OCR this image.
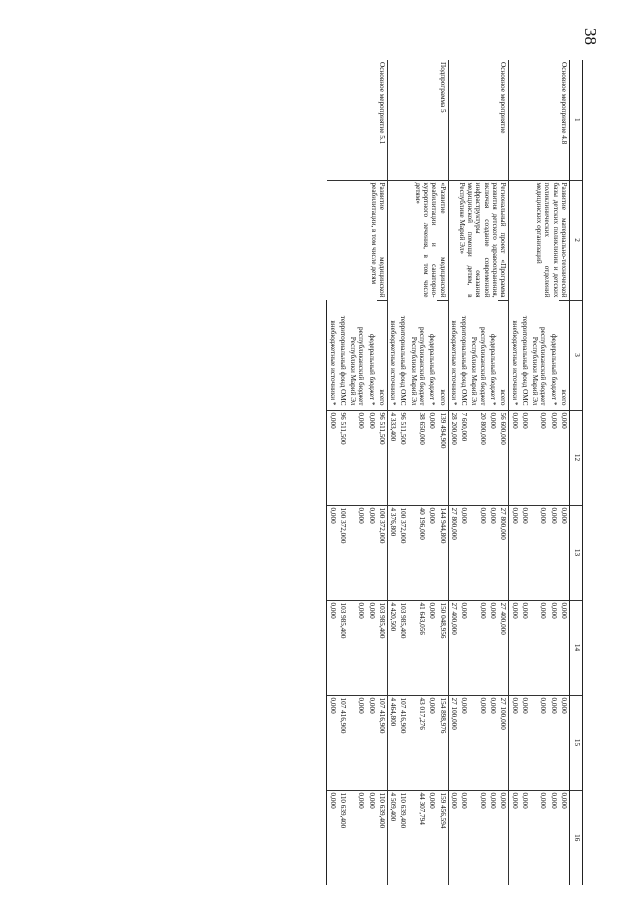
38
1	2	3	12	13	14	15	16
Основное мероприятие 4.8	Развитие материально-технической базы детских поликлиник и детских поликлинических отделений медицинских организаций	всего	0,000	0,000	0,000	0,000	0,000
		федеральный бюджет *	0,000	0,000	0,000	0,000	0,000
		республиканский бюджет Республики Марий Эл	0,000	0,000	0,000	0,000	0,000
		территориальный фонд ОМС	0,000	0,000	0,000	0,000	0,000
		внебюджетные источники *	0,000	0,000	0,000	0,000	0,000
Основное мероприятие	Региональный проект «Программа развития детского здравоохранения, включая создание современной инфраструктуры оказания медицинской помощи детям, в Республике Марий Эл»	всего	56 600,000	27 800,000	27 400,000	27 100,000	0,000
		федеральный бюджет *	0,000	0,000	0,000	0,000	0,000
		республиканский бюджет Республики Марий Эл	20 800,000	0,000	0,000	0,000	0,000
		территориальный фонд ОМС	7 600,000	0,000	0,000	0,000	0,000
		внебюджетные источники *	28 200,000	27 800,000	27 400,000	27 100,000	0,000
Подпрограмма 5	«Развитие медицинской реабилитации и санаторно-курортного лечения, в том числе детям»	всего	139 494,900	144 944,800	150 048,956	154 898,976	159 456,594
		федеральный бюджет *	0,000	0,000	0,000	0,000	0,000
		республиканский бюджет Республики Марий Эл	38 650,000	40 196,000	41 643,056	43 017,276	44 307,794
		территориальный фонд ОМС	96 511,500	100 372,000	103 985,400	107 416,900	110 639,400
		внебюджетные источники *	4 333,400	4 376,800	4 420,500	4 464,800	4 509,400
Основное мероприятие 5.1	Развитие медицинской реабилитации, в том числе детям	всего	96 511,500	100 372,000	103 985,400	107 416,900	110 639,400
		федеральный бюджет *	0,000	0,000	0,000	0,000	0,000
		республиканский бюджет Республики Марий Эл	0,000	0,000	0,000	0,000	0,000
		территориальный фонд ОМС	96 511,500	100 372,000	103 985,400	107 416,900	110 639,400
		внебюджетные источники *	0,000	0,000	0,000	0,000	0,000
